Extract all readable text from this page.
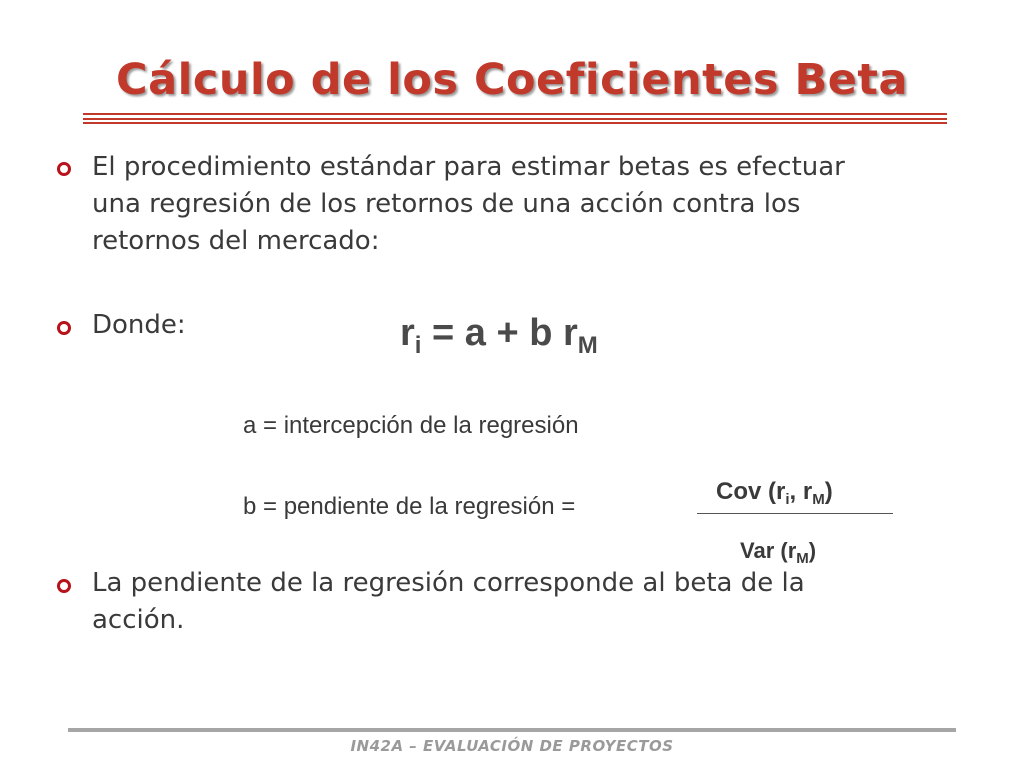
Cálculo de los Coeficientes Beta
El procedimiento estándar para estimar betas es efectuar
una regresión de los retornos de una acción contra los
retornos del mercado:
Donde:	$r_i = a + b$ $r_M$
a = intercepción de la regresión
b = pendiente de la regresión =
Cov ($r_i$, $r_M$)
Var $(r_M)$
La pendiente de la regresión corresponde al beta de la
acción.
IN42A – EVALUACIÓN DE PROYECTOS
